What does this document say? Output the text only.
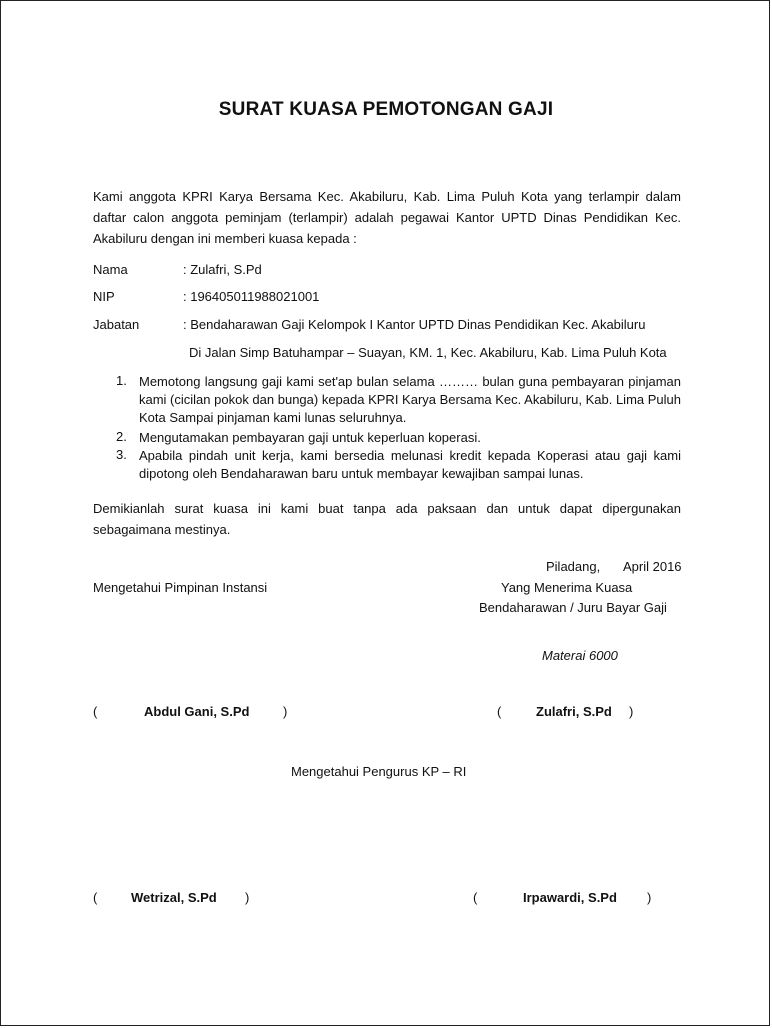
SURAT KUASA PEMOTONGAN GAJI
Kami anggota KPRI Karya Bersama Kec. Akabiluru, Kab. Lima Puluh Kota yang terlampir dalam daftar calon anggota peminjam (terlampir) adalah pegawai Kantor UPTD Dinas Pendidikan Kec. Akabiluru dengan ini memberi kuasa kepada :
Nama	: Zulafri, S.Pd
NIP	: 196405011988021001
Jabatan	: Bendaharawan Gaji Kelompok I Kantor UPTD Dinas Pendidikan Kec. Akabiluru
Di Jalan Simp Batuhampar – Suayan, KM. 1, Kec. Akabiluru, Kab. Lima Puluh Kota
1. Memotong langsung gaji kami set'ap bulan selama ……… bulan guna pembayaran pinjaman kami (cicilan pokok dan bunga) kepada KPRI Karya Bersama Kec. Akabiluru, Kab. Lima Puluh Kota Sampai pinjaman kami lunas seluruhnya.
2. Mengutamakan pembayaran gaji untuk keperluan koperasi.
3. Apabila pindah unit kerja, kami bersedia melunasi kredit kepada Koperasi atau gaji kami dipotong oleh Bendaharawan baru untuk membayar kewajiban sampai lunas.
Demikianlah surat kuasa ini kami buat tanpa ada paksaan dan untuk dapat dipergunakan sebagaimana mestinya.
Piladang, April 2016
Mengetahui Pimpinan Instansi	Yang Menerima Kuasa
Bendaharawan / Juru Bayar Gaji
Materai 6000
(	Abdul Gani, S.Pd	)	(	Zulafri, S.Pd )
Mengetahui Pengurus KP – RI
(	Wetrizal, S.Pd )	(	Irpawardi, S.Pd )
